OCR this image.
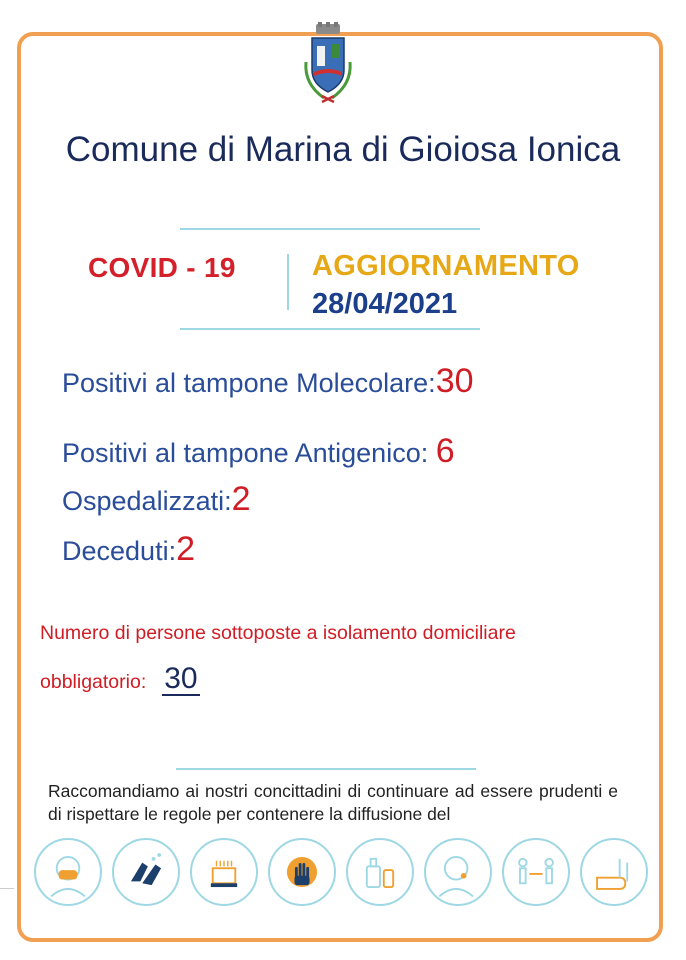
Comune di Marina di Gioiosa Ionica
COVID - 19	AGGIORNAMENTO
28/04/2021
Positivi al tampone Molecolare:30
Positivi al tampone Antigenico: 6
Ospedalizzati:2
Deceduti:2
Numero di persone sottoposte a isolamento domiciliare
obbligatorio: 30
Raccomandiamo ai nostri concittadini di continuare ad essere prudenti e di rispettare le regole per contenere la diffusione del
